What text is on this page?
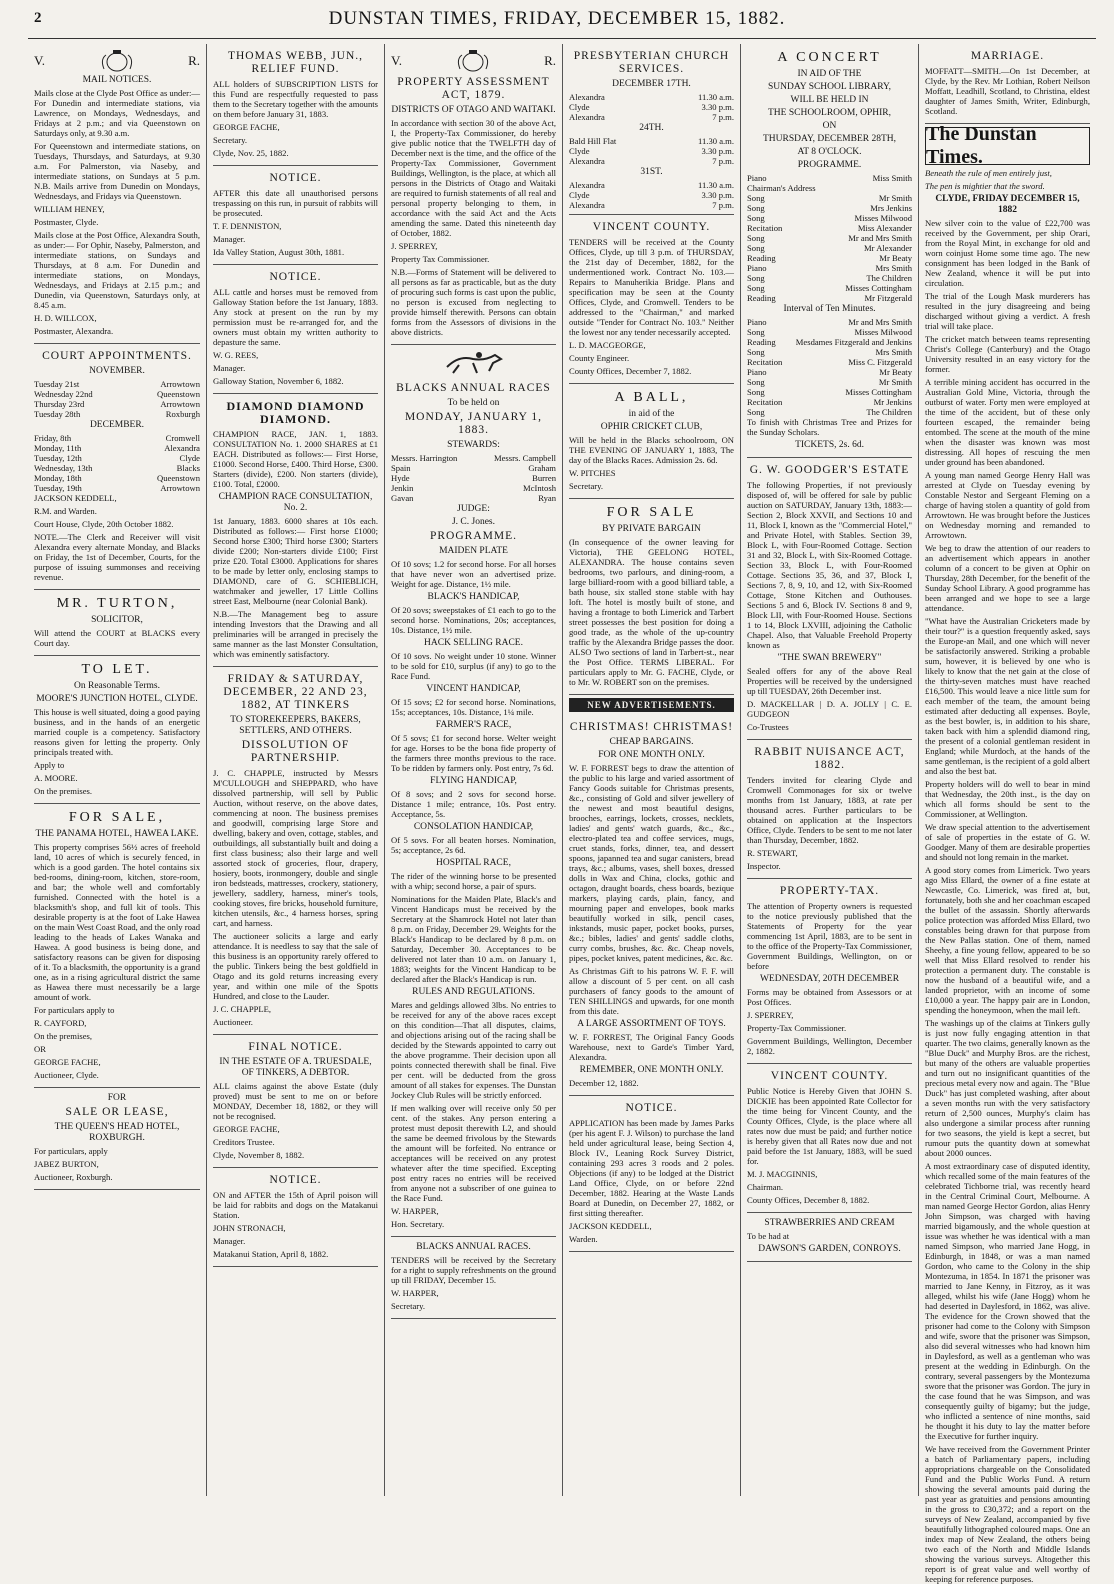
2	DUNSTAN TIMES, FRIDAY, DECEMBER 15, 1882.
V.	R.
MAIL NOTICES.

Mails close at the Clyde Post Office as under:— For Dunedin and intermediate stations, via Lawrence, on Mondays, Wednesdays, and Fridays at 2 p.m.; and via Queenstown on Saturdays only, at 9.30 a.m.

For Queenstown and intermediate stations, on Tuesdays, Thursdays, and Saturdays, at 9.30 a.m. For Palmerston, via Naseby, and intermediate stations, on Sundays at 5 p.m. N.B. Mails arrive from Dunedin on Mondays, Wednesdays, and Fridays via Queenstown.

WILLIAM HENEY,

Postmaster, Clyde.

Mails close at the Post Office, Alexandra South, as under:— For Ophir, Naseby, Palmerston, and intermediate stations, on Sundays and Thursdays, at 8 a.m. For Dunedin and intermediate stations, on Mondays, Wednesdays, and Fridays at 2.15 p.m.; and Dunedin, via Queenstown, Saturdays only, at 8.45 a.m.

H. D. WILLCOX,

Postmaster, Alexandra.

COURT APPOINTMENTS.
NOVEMBER.
Tuesday 21st	Arrowtown
Wednesday 22nd	Queenstown
Thursday 23rd	Arrowtown
Tuesday 28th	Roxburgh
DECEMBER.
Friday, 8th	Cromwell
Monday, 11th	Alexandra
Tuesday, 12th	Clyde
Wednesday, 13th	Blacks
Monday, 18th	Queenstown
Tuesday, 19th	Arrowtown

JACKSON KEDDELL,

R.M. and Warden.

Court House, Clyde, 20th October 1882.

NOTE.—The Clerk and Receiver will visit Alexandra every alternate Monday, and Blacks on Friday, the 1st of December, Courts, for the purpose of issuing summonses and receiving revenue.

MR. TURTON,
SOLICITOR,

Will attend the COURT at BLACKS every Court day.

TO LET.
On Reasonable Terms.
MOORE'S JUNCTION HOTEL, CLYDE.

This house is well situated, doing a good paying business, and in the hands of an energetic married couple is a competency. Satisfactory reasons given for letting the property. Only principals treated with.

Apply to

A. MOORE.

On the premises.

FOR SALE,
THE PANAMA HOTEL, HAWEA LAKE.

This property comprises 56½ acres of freehold land, 10 acres of which is securely fenced, in which is a good garden. The hotel contains six bed-rooms, dining-room, kitchen, store-room, and bar; the whole well and comfortably furnished. Connected with the hotel is a blacksmith's shop, and full kit of tools. This desirable property is at the foot of Lake Hawea on the main West Coast Road, and the only road leading to the heads of Lakes Wanaka and Hawea. A good business is being done, and satisfactory reasons can be given for disposing of it. To a blacksmith, the opportunity is a grand one, as in a rising agricultural district the same as Hawea there must necessarily be a large amount of work.

For particulars apply to

R. CAYFORD,

On the premises,

OR

GEORGE FACHE,

Auctioneer, Clyde.

FOR
SALE OR LEASE,
THE QUEEN'S HEAD HOTEL, ROXBURGH.

For particulars, apply

JABEZ BURTON,

Auctioneer, Roxburgh.

THOMAS WEBB, JUN., RELIEF FUND.

ALL holders of SUBSCRIPTION LISTS for this Fund are respectfully requested to pass them to the Secretary together with the amounts on them before January 31, 1883.

GEORGE FACHE,

Secretary.

Clyde, Nov. 25, 1882.

NOTICE.

AFTER this date all unauthorised persons trespassing on this run, in pursuit of rabbits will be prosecuted.

T. F. DENNISTON,

Manager.

Ida Valley Station, August 30th, 1881.

NOTICE.

ALL cattle and horses must be removed from Galloway Station before the 1st January, 1883. Any stock at present on the run by my permission must be re-arranged for, and the owners must obtain my written authority to depasture the same.

W. G. REES,

Manager.

Galloway Station, November 6, 1882.

DIAMOND DIAMOND DIAMOND.

CHAMPION RACE, JAN. 1, 1883. CONSULTATION No. 1. 2000 SHARES at £1 EACH. Distributed as follows:— First Horse, £1000. Second Horse, £400. Third Horse, £300. Starters (divide), £200. Non starters (divide), £100. Total, £2000.

CHAMPION RACE CONSULTATION, No. 2.

1st January, 1883. 6000 shares at 10s each. Distributed as follows:— First horse £1000; Second horse £300; Third horse £300; Starters divide £200; Non-starters divide £100; First prize £20. Total £3000. Applications for shares to be made by letter only, enclosing stamps to DIAMOND, care of G. SCHIEBLICH, watchmaker and jeweller, 17 Little Collins street East, Melbourne (near Colonial Bank).

N.B.—The Management beg to assure intending Investors that the Drawing and all preliminaries will be arranged in precisely the same manner as the last Monster Consultation, which was eminently satisfactory.

FRIDAY & SATURDAY, DECEMBER, 22 AND 23, 1882, AT TINKERS
TO STOREKEEPERS, BAKERS, SETTLERS, AND OTHERS.
DISSOLUTION OF PARTNERSHIP.

J. C. CHAPPLE, instructed by Messrs M'CULLOUGH and SHEPPARD, who have dissolved partnership, will sell by Public Auction, without reserve, on the above dates, commencing at noon. The business premises and goodwill, comprising large Store and dwelling, bakery and oven, cottage, stables, and outbuildings, all substantially built and doing a first class business; also their large and well assorted stock of groceries, flour, drapery, hosiery, boots, ironmongery, double and single iron bedsteads, mattresses, crockery, stationery, jewellery, saddlery, harness, miner's tools, cooking stoves, fire bricks, household furniture, kitchen utensils, &c., 4 harness horses, spring cart, and harness.

The auctioneer solicits a large and early attendance. It is needless to say that the sale of this business is an opportunity rarely offered to the public. Tinkers being the best goldfield in Otago and its gold returns increasing every year, and within one mile of the Spotts Hundred, and close to the Lauder.

J. C. CHAPPLE,

Auctioneer.

FINAL NOTICE.
IN THE ESTATE OF A. TRUESDALE, OF TINKERS, A DEBTOR.

ALL claims against the above Estate (duly proved) must be sent to me on or before MONDAY, December 18, 1882, or they will not be recognised.

GEORGE FACHE,

Creditors Trustee.

Clyde, November 8, 1882.

NOTICE.

ON and AFTER the 15th of April poison will be laid for rabbits and dogs on the Matakanui Station.

JOHN STRONACH,

Manager.

Matakanui Station, April 8, 1882.

V.	R.
PROPERTY ASSESSMENT ACT, 1879.
DISTRICTS OF OTAGO AND WAITAKI.

In accordance with section 30 of the above Act, I, the Property-Tax Commissioner, do hereby give public notice that the TWELFTH day of December next is the time, and the office of the Property-Tax Commissioner, Government Buildings, Wellington, is the place, at which all persons in the Districts of Otago and Waitaki are required to furnish statements of all real and personal property belonging to them, in accordance with the said Act and the Acts amending the same. Dated this nineteenth day of October, 1882.

J. SPERREY,

Property Tax Commissioner.

N.B.—Forms of Statement will be delivered to all persons as far as practicable, but as the duty of procuring such forms is cast upon the public, no person is excused from neglecting to provide himself therewith. Persons can obtain forms from the Assessors of divisions in the above districts.

BLACKS ANNUAL RACES
To be held on
MONDAY, JANUARY 1, 1883.
STEWARDS:
Messrs. Harrington	Messrs. Campbell
Spain	Graham
Hyde	Burren
Jenkin	McIntosh
Gavan	Ryan
JUDGE:
J. C. Jones.
PROGRAMME.
MAIDEN PLATE

Of 10 sovs; 1.2 for second horse. For all horses that have never won an advertised prize. Weight for age. Distance, 1½ mile.

BLACK'S HANDICAP,

Of 20 sovs; sweepstakes of £1 each to go to the second horse. Nominations, 20s; acceptances, 10s. Distance, 1½ mile.

HACK SELLING RACE.

Of 10 sovs. No weight under 10 stone. Winner to be sold for £10, surplus (if any) to go to the Race Fund.

VINCENT HANDICAP,

Of 15 sovs; £2 for second horse. Nominations, 15s; acceptances, 10s. Distance, 1¼ mile.

FARMER'S RACE,

Of 5 sovs; £1 for second horse. Welter weight for age. Horses to be the bona fide property of the farmers three months previous to the race. To be ridden by farmers only. Post entry, 7s 6d.

FLYING HANDICAP,

Of 8 sovs; and 2 sovs for second horse. Distance 1 mile; entrance, 10s. Post entry. Acceptance, 5s.

CONSOLATION HANDICAP,

Of 5 sovs. For all beaten horses. Nomination, 5s; acceptance, 2s 6d.

HOSPITAL RACE,

The rider of the winning horse to be presented with a whip; second horse, a pair of spurs.

Nominations for the Maiden Plate, Black's and Vincent Handicaps must be received by the Secretary at the Shamrock Hotel not later than 8 p.m. on Friday, December 29. Weights for the Black's Handicap to be declared by 8 p.m. on Saturday, December 30. Acceptances to be delivered not later than 10 a.m. on January 1, 1883; weights for the Vincent Handicap to be declared after the Black's Handicap is run.

RULES AND REGULATIONS.

Mares and geldings allowed 3lbs. No entries to be received for any of the above races except on this condition—That all disputes, claims, and objections arising out of the racing shall be decided by the Stewards appointed to carry out the above programme. Their decision upon all points connected therewith shall be final. Five per cent. will be deducted from the gross amount of all stakes for expenses. The Dunstan Jockey Club Rules will be strictly enforced.

If men walking over will receive only 50 per cent. of the stakes. Any person entering a protest must deposit therewith L2, and should the same be deemed frivolous by the Stewards the amount will be forfeited. No entrance or acceptances will be received on any protest whatever after the time specified. Excepting post entry races no entries will be received from anyone not a subscriber of one guinea to the Race Fund.

W. HARPER,

Hon. Secretary.

BLACKS ANNUAL RACES.

TENDERS will be received by the Secretary for a right to supply refreshments on the ground up till FRIDAY, December 15.

W. HARPER,

Secretary.

PRESBYTERIAN CHURCH SERVICES.
DECEMBER 17TH.
Alexandra	11.30 a.m.
Clyde	3.30 p.m.
Alexandra	7 p.m.
24TH.
Bald Hill Flat	11.30 a.m.
Clyde	3.30 p.m.
Alexandra	7 p.m.
31ST.
Alexandra	11.30 a.m.
Clyde	3.30 p.m.
Alexandra	7 p.m.
VINCENT COUNTY.

TENDERS will be received at the County Offices, Clyde, up till 3 p.m. of THURSDAY, the 21st day of December, 1882, for the undermentioned work. Contract No. 103.—Repairs to Manuherikia Bridge. Plans and specification may be seen at the County Offices, Clyde, and Cromwell. Tenders to be addressed to the "Chairman," and marked outside "Tender for Contract No. 103." Neither the lowest nor any tender necessarily accepted.

L. D. MACGEORGE,

County Engineer.

County Offices, December 7, 1882.

A BALL,
in aid of the
OPHIR CRICKET CLUB,

Will be held in the Blacks schoolroom, ON THE EVENING OF JANUARY 1, 1883, The day of the Blacks Races. Admission 2s. 6d.

W. PITCHES

Secretary.

FOR SALE
BY PRIVATE BARGAIN

(In consequence of the owner leaving for Victoria), THE GEELONG HOTEL, ALEXANDRA. The house contains seven bedrooms, two parlours, and dining-room, a large billiard-room with a good billiard table, a bath house, six stalled stone stable with hay loft. The hotel is mostly built of stone, and having a frontage to both Limerick and Tarbert street possesses the best position for doing a good trade, as the whole of the up-country traffic by the Alexandra Bridge passes the door. ALSO Two sections of land in Tarbert-st., near the Post Office. TERMS LIBERAL. For particulars apply to Mr. G. FACHE, Clyde, or to Mr. W. ROBERT son on the premises.

NEW ADVERTISEMENTS.
CHRISTMAS! CHRISTMAS!
CHEAP BARGAINS.
FOR ONE MONTH ONLY.

W. F. FORREST begs to draw the attention of the public to his large and varied assortment of Fancy Goods suitable for Christmas presents, &c., consisting of Gold and silver jewellery of the newest and most beautiful designs, brooches, earrings, lockets, crosses, necklets, ladies' and gents' watch guards, &c., &c., electro-plated tea and coffee services, mugs, cruet stands, forks, dinner, tea, and dessert spoons, japanned tea and sugar canisters, bread trays, &c.; albums, vases, shell boxes, dressed dolls in Wax and China, clocks, gothic and octagon, draught boards, chess boards, bezique markers, playing cards, plain, fancy, and mourning paper and envelopes, book marks beautifully worked in silk, pencil cases, inkstands, music paper, pocket books, purses, &c.; bibles, ladies' and gents' saddle cloths, curry combs, brushes, &c. &c. Cheap novels, pipes, pocket knives, patent medicines, &c. &c.

As Christmas Gift to his patrons W. F. F. will allow a discount of 5 per cent. on all cash purchasers of fancy goods to the amount of TEN SHILLINGS and upwards, for one month from this date.

A LARGE ASSORTMENT OF TOYS.

W. F. FORREST, The Original Fancy Goods Warehouse, next to Garde's Timber Yard, Alexandra.

REMEMBER, ONE MONTH ONLY.

December 12, 1882.

NOTICE.

APPLICATION has been made by James Parks (per his agent F. J. Wilson) to purchase the land held under agricultural lease, being Section 4, Block IV., Leaning Rock Survey District, containing 293 acres 3 roods and 2 poles. Objections (if any) to be lodged at the District Land Office, Clyde, on or before 22nd December, 1882. Hearing at the Waste Lands Board at Dunedin, on December 27, 1882, or first sitting thereafter.

JACKSON KEDDELL,

Warden.

A CONCERT
IN AID OF THE
SUNDAY SCHOOL LIBRARY,
WILL BE HELD IN
THE SCHOOLROOM, OPHIR,
ON
THURSDAY, DECEMBER 28TH,
AT 8 O'CLOCK.
PROGRAMME.
Piano	Miss Smith
Chairman's Address
Song	Mr Smith
Song	Mrs Jenkins
Song	Misses Milwood
Recitation	Miss Alexander
Song	Mr and Mrs Smith
Song	Mr Alexander
Reading	Mr Beaty
Piano	Mrs Smith
Song	The Children
Song	Misses Cottingham
Reading	Mr Fitzgerald
Interval of Ten Minutes.
Piano	Mr and Mrs Smith
Song	Misses Milwood
Reading Mesdames Fitzgerald and Jenkins
Song	Mrs Smith
Recitation	Miss C. Fitzgerald
Piano	Mr Beaty
Song	Mr Smith
Song	Misses Cottingham
Recitation	Mr Jenkins
Song	The Children

To finish with Christmas Tree and Prizes for the Sunday Scholars.

TICKETS, 2s. 6d.
G. W. GOODGER'S ESTATE

The following Properties, if not previously disposed of, will be offered for sale by public auction on SATURDAY, January 13th, 1883:— Section 2, Block XXVII, and Sections 10 and 11, Block I, known as the "Commercial Hotel," and Private Hotel, with Stables. Section 39, Block L, with Four-Roomed Cottage. Section 31 and 32, Block L, with Six-Roomed Cottage. Section 33, Block L, with Four-Roomed Cottage. Sections 35, 36, and 37, Block I, Sections 7, 8, 9, 10, and 12, with Six-Roomed Cottage, Stone Kitchen and Outhouses. Sections 5 and 6, Block IV. Sections 8 and 9, Block LII, with Four-Roomed House. Sections 1 to 14, Block LXVIII, adjoining the Catholic Chapel. Also, that Valuable Freehold Property known as

"THE SWAN BREWERY"

Sealed offers for any of the above Real Properties will be received by the undersigned up till TUESDAY, 26th December inst.

D. MACKELLAR | D. A. JOLLY | C. E. GUDGEON

Co-Trustees

RABBIT NUISANCE ACT, 1882.

Tenders invited for clearing Clyde and Cromwell Commonages for six or twelve months from 1st January, 1883, at rate per thousand acres. Further particulars to be obtained on application at the Inspectors Office, Clyde. Tenders to be sent to me not later than Thursday, December, 1882.

R. STEWART,

Inspector.

PROPERTY-TAX.

The attention of Property owners is requested to the notice previously published that the Statements of Property for the year commencing 1st April, 1883, are to be sent in to the office of the Property-Tax Commissioner, Government Buildings, Wellington, on or before

WEDNESDAY, 20TH DECEMBER

Forms may be obtained from Assessors or at Post Offices.

J. SPERREY,

Property-Tax Commissioner.

Government Buildings, Wellington, December 2, 1882.

VINCENT COUNTY.

Public Notice is Hereby Given that JOHN S. DICKIE has been appointed Rate Collector for the time being for Vincent County, and the County Offices, Clyde, is the place where all rates now due must be paid; and further notice is hereby given that all Rates now due and not paid before the 1st January, 1883, will be sued for.

M. J. MACGINNIS,

Chairman.

County Offices, December 8, 1882.

STRAWBERRIES AND CREAM

To be had at

DAWSON'S GARDEN, CONROYS.
MARRIAGE.

MOFFATT—SMITH.—On 1st December, at Clyde, by the Rev. Mr Lothian, Robert Neilson Moffatt, Leadhill, Scotland, to Christina, eldest daughter of James Smith, Writer, Edinburgh, Scotland.

The Dunstan Times.

Beneath the rule of men entirely just,

The pen is mightier that the sword.

CLYDE, FRIDAY DECEMBER 15, 1882

New silver coin to the value of £22,700 was received by the Government, per ship Orari, from the Royal Mint, in exchange for old and worn coinjust Home some time ago. The new consignment has been lodged in the Bank of New Zealand, whence it will be put into circulation.

The trial of the Lough Mask murderers has resulted in the jury disagreeing and being discharged without giving a verdict. A fresh trial will take place.

The cricket match between teams representing Christ's College (Canterbury) and the Otago University resulted in an easy victory for the former.

A terrible mining accident has occurred in the Australian Gold Mine, Victoria, through the outburst of water. Forty men were employed at the time of the accident, but of these only fourteen escaped, the remainder being entombed. The scene at the mouth of the mine when the disaster was known was most distressing. All hopes of rescuing the men under ground has been abandoned.

A young man named George Henry Hall was arrested at Clyde on Tuesday evening by Constable Nestor and Sergeant Fleming on a charge of having stolen a quantity of gold from Arrowtown. He was brought before the Justices on Wednesday morning and remanded to Arrowtown.

We beg to draw the attention of our readers to an advertisement which appears in another column of a concert to be given at Ophir on Thursday, 28th December, for the benefit of the Sunday School Library. A good programme has been arranged and we hope to see a large attendance.

"What have the Australian Cricketers made by their tour?" is a question frequently asked, says the Europe-an Mail, and one which will never be satisfactorily answered. Striking a probable sum, however, it is believed by one who is likely to know that the net gain at the close of the thirty-seven matches must have reached £16,500. This would leave a nice little sum for each member of the team, the amount being estimated after deducting all expenses. Boyle, as the best bowler, is, in addition to his share, taken back with him a splendid diamond ring, the present of a colonial gentleman resident in England; while Murdoch, at the hands of the same gentleman, is the recipient of a gold albert and also the best bat.

Property holders will do well to bear in mind that Wednesday, the 20th inst., is the day on which all forms should be sent to the Commissioner, at Wellington.

We draw special attention to the advertisement of sale of properties in the estate of G. W. Goodger. Many of them are desirable properties and should not long remain in the market.

A good story comes from Limerick. Two years ago Miss Ellard, the owner of a fine estate at Newcastle, Co. Limerick, was fired at, but, fortunately, both she and her coachman escaped the bullet of the assassin. Shortly afterwards police protection was afforded Miss Ellard, two constables being drawn for that purpose from the New Pallas station. One of them, named Sheehy, a fine young fellow, appeared to be so well that Miss Ellard resolved to render his protection a permanent duty. The constable is now the husband of a beautiful wife, and a landed proprietor, with an income of some £10,000 a year. The happy pair are in London, spending the honeymoon, when the mail left.

The washings up of the claims at Tinkers gully is just now fully engaging attention in that quarter. The two claims, generally known as the "Blue Duck" and Murphy Bros. are the richest, but many of the others are valuable properties and turn out no insignificant quantities of the precious metal every now and again. The "Blue Duck" has just completed washing, after about a seven months run with the very satisfactory return of 2,500 ounces, Murphy's claim has also undergone a similar process after running for two seasons, the yield is kept a secret, but rumour puts the quantity down at somewhat about 2000 ounces.

A most extraordinary case of disputed identity, which recalled some of the main features of the celebrated Tichborne trial, was recently heard in the Central Criminal Court, Melbourne. A man named George Hector Gordon, alias Henry John Simpson, was charged with having married bigamously, and the whole question at issue was whether he was identical with a man named Simpson, who married Jane Hogg, in Edinburgh, in 1848, or was a man named Gordon, who came to the Colony in the ship Montezuma, in 1854. In 1871 the prisoner was married to Jane Kenny, in Fitzroy, as it was alleged, whilst his wife (Jane Hogg) whom he had deserted in Daylesford, in 1862, was alive. The evidence for the Crown showed that the prisoner had come to the Colony with Simpson and wife, swore that the prisoner was Simpson, also did several witnesses who had known him in Daylesford, as well as a gentleman who was present at the wedding in Edinburgh. On the contrary, several passengers by the Montezuma swore that the prisoner was Gordon. The jury in the case found that he was Simpson, and was consequently guilty of bigamy; but the judge, who inflicted a sentence of nine months, said he thought it his duty to lay the matter before the Executive for further inquiry.

We have received from the Government Printer a batch of Parliamentary papers, including appropriations chargeable on the Consolidated Fund and the Public Works Fund. A return showing the several amounts paid during the past year as gratuities and pensions amounting in the gross to £30,372; and a report on the surveys of New Zealand, accompanied by five beautifully lithographed coloured maps. One an index map of New Zealand, the others being two each of the North and Middle Islands showing the various surveys. Altogether this report is of great value and well worthy of keeping for reference purposes.
